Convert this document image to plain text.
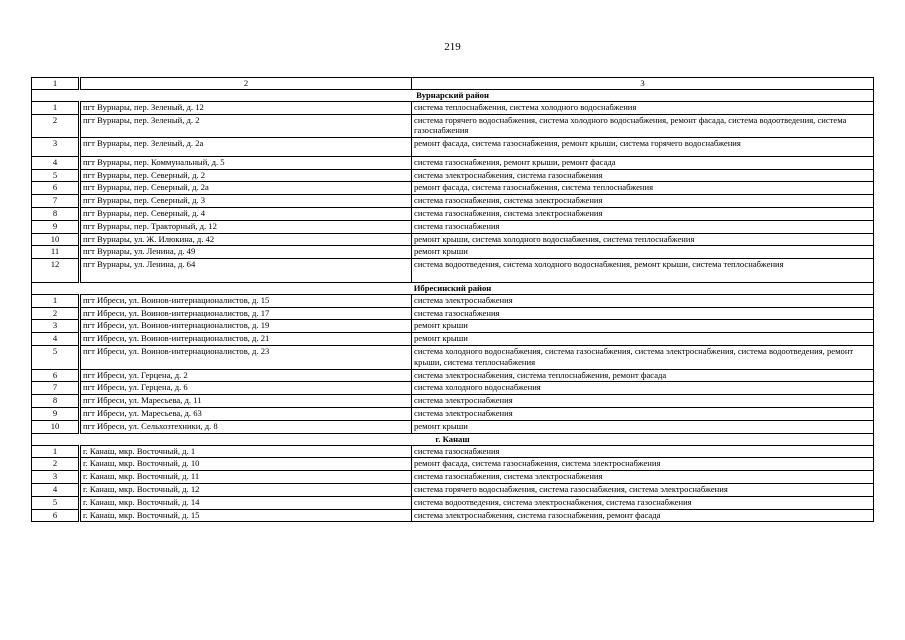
219
1	2	3
Вурнарский район		
1	пгт Вурнары, пер. Зеленый, д. 12	система теплоснабжения, система холодного водоснабжения
2	пгт Вурнары, пер. Зеленый, д. 2	система горячего водоснабжения, система холодного водоснабжения, ремонт фасада, система водоотведения, система газоснабжения
3	пгт Вурнары, пер. Зеленый, д. 2а	ремонт фасада, система газоснабжения, ремонт крыши, система горячего водоснабжения
4	пгт Вурнары, пер. Коммунальный, д. 5	система газоснабжения, ремонт крыши, ремонт фасада
5	пгт Вурнары, пер. Северный, д. 2	система электроснабжения, система газоснабжения
6	пгт Вурнары, пер. Северный, д. 2а	ремонт фасада, система газоснабжения, система теплоснабжения
7	пгт Вурнары, пер. Северный, д. 3	система газоснабжения, система электроснабжения
8	пгт Вурнары, пер. Северный, д. 4	система газоснабжения, система электроснабжения
9	пгт Вурнары, пер. Тракторный, д. 12	система газоснабжения
10	пгт Вурнары, ул. Ж. Илюкина, д. 42	ремонт крыши, система холодного водоснабжения, система теплоснабжения
11	пгт Вурнары, ул. Ленина, д. 49	ремонт крыши
12	пгт Вурнары, ул. Ленина, д. 64	система водоотведения, система холодного водоснабжения, ремонт крыши, система теплоснабжения
Ибресинский район		
1	пгт Ибреси, ул. Воинов-интернационалистов, д. 15	система электроснабжения
2	пгт Ибреси, ул. Воинов-интернационалистов, д. 17	система газоснабжения
3	пгт Ибреси, ул. Воинов-интернационалистов, д. 19	ремонт крыши
4	пгт Ибреси, ул. Воинов-интернационалистов, д. 21	ремонт крыши
5	пгт Ибреси, ул. Воинов-интернационалистов, д. 23	система холодного водоснабжения, система газоснабжения, система электроснабжения, система водоотведения, ремонт крыши, система теплоснабжения
6	пгт Ибреси, ул. Герцена, д. 2	система электроснабжения, система теплоснабжения, ремонт фасада
7	пгт Ибреси, ул. Герцена, д. 6	система холодного водоснабжения
8	пгт Ибреси, ул. Маресьева, д. 11	система электроснабжения
9	пгт Ибреси, ул. Маресьева, д. 63	система электроснабжения
10	пгт Ибреси, ул. Сельхозтехники, д. 8	ремонт крыши
г. Канаш		
1	г. Канаш, мкр. Восточный, д. 1	система газоснабжения
2	г. Канаш, мкр. Восточный, д. 10	ремонт фасада, система газоснабжения, система электроснабжения
3	г. Канаш, мкр. Восточный, д. 11	система газоснабжения, система электроснабжения
4	г. Канаш, мкр. Восточный, д. 12	система горячего водоснабжения, система газоснабжения, система электроснабжения
5	г. Канаш, мкр. Восточный, д. 14	система водоотведения, система электроснабжения, система газоснабжения
6	г. Канаш, мкр. Восточный, д. 15	система электроснабжения, система газоснабжения, ремонт фасада
